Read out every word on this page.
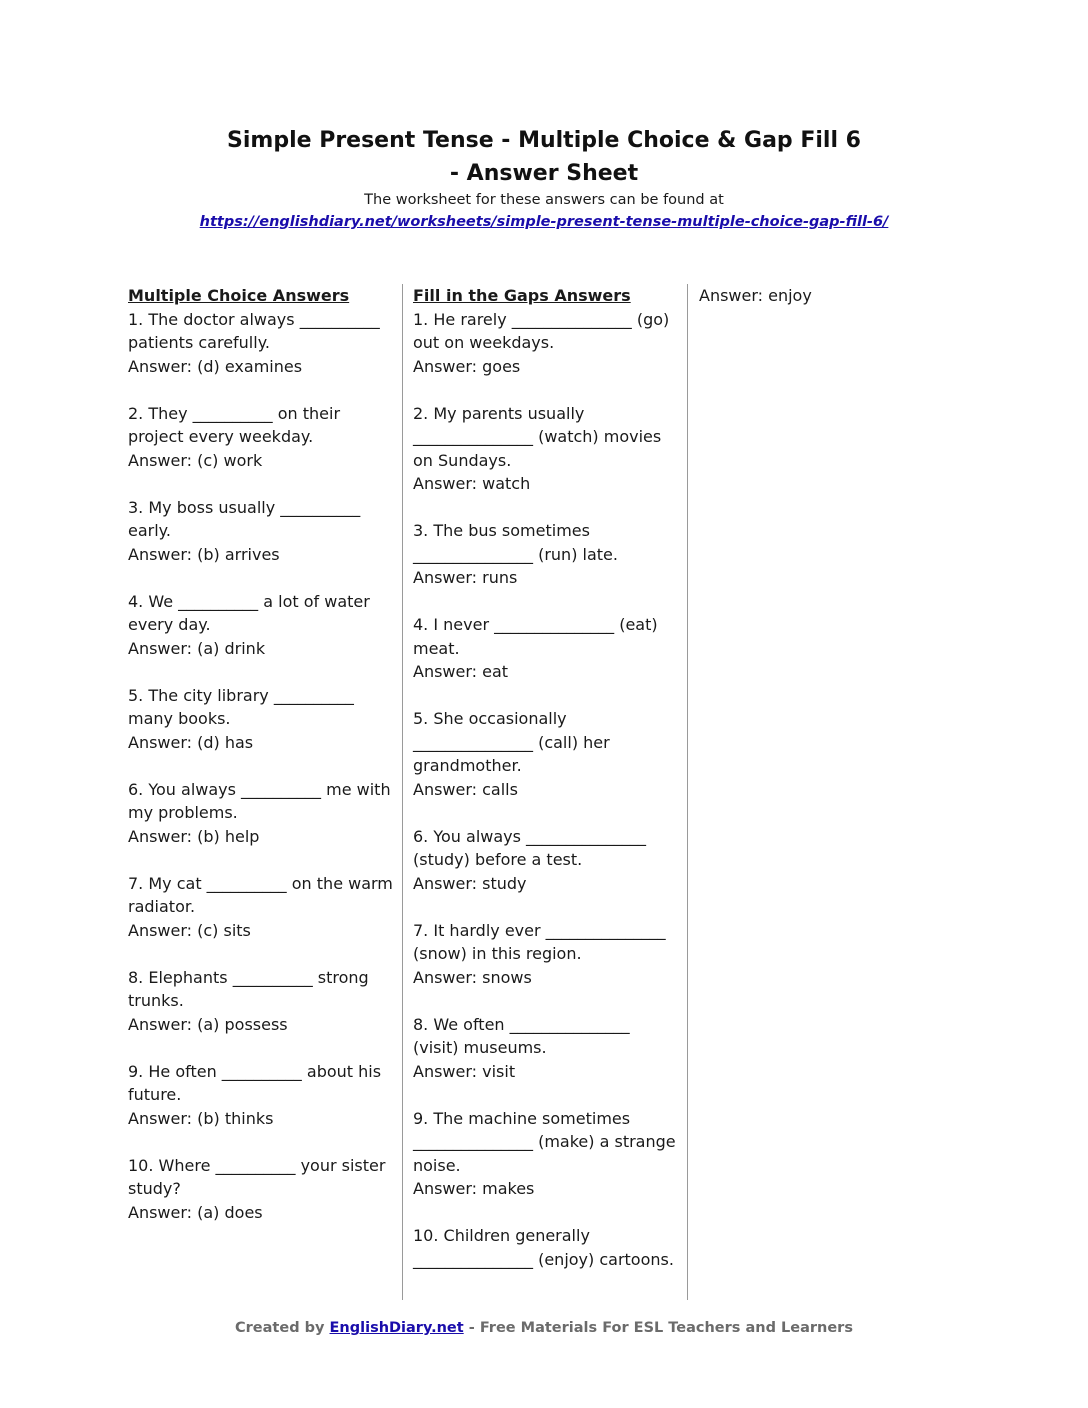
Simple Present Tense - Multiple Choice & Gap Fill 6 - Answer Sheet
The worksheet for these answers can be found at
https://englishdiary.net/worksheets/simple-present-tense-multiple-choice-gap-fill-6/

Multiple Choice Answers

1. The doctor always __________ patients carefully.

Answer: (d) examines

2. They __________ on their project every weekday.

Answer: (c) work

3. My boss usually __________ early.

Answer: (b) arrives

4. We __________ a lot of water every day.

Answer: (a) drink

5. The city library __________ many books.

Answer: (d) has

6. You always __________ me with my problems.

Answer: (b) help

7. My cat __________ on the warm radiator.

Answer: (c) sits

8. Elephants __________ strong trunks.

Answer: (a) possess

9. He often __________ about his future.

Answer: (b) thinks

10. Where __________ your sister study?

Answer: (a) does

Fill in the Gaps Answers

1. He rarely _______________ (go) out on weekdays.

Answer: goes

2. My parents usually _______________ (watch) movies on Sundays.

Answer: watch

3. The bus sometimes _______________ (run) late.

Answer: runs

4. I never _______________ (eat) meat.

Answer: eat

5. She occasionally _______________ (call) her grandmother.

Answer: calls

6. You always _______________ (study) before a test.

Answer: study

7. It hardly ever _______________ (snow) in this region.

Answer: snows

8. We often _______________ (visit) museums.

Answer: visit

9. The machine sometimes _______________ (make) a strange noise.

Answer: makes

10. Children generally _______________ (enjoy) cartoons.

Answer: enjoy

Created by EnglishDiary.net - Free Materials For ESL Teachers and Learners
